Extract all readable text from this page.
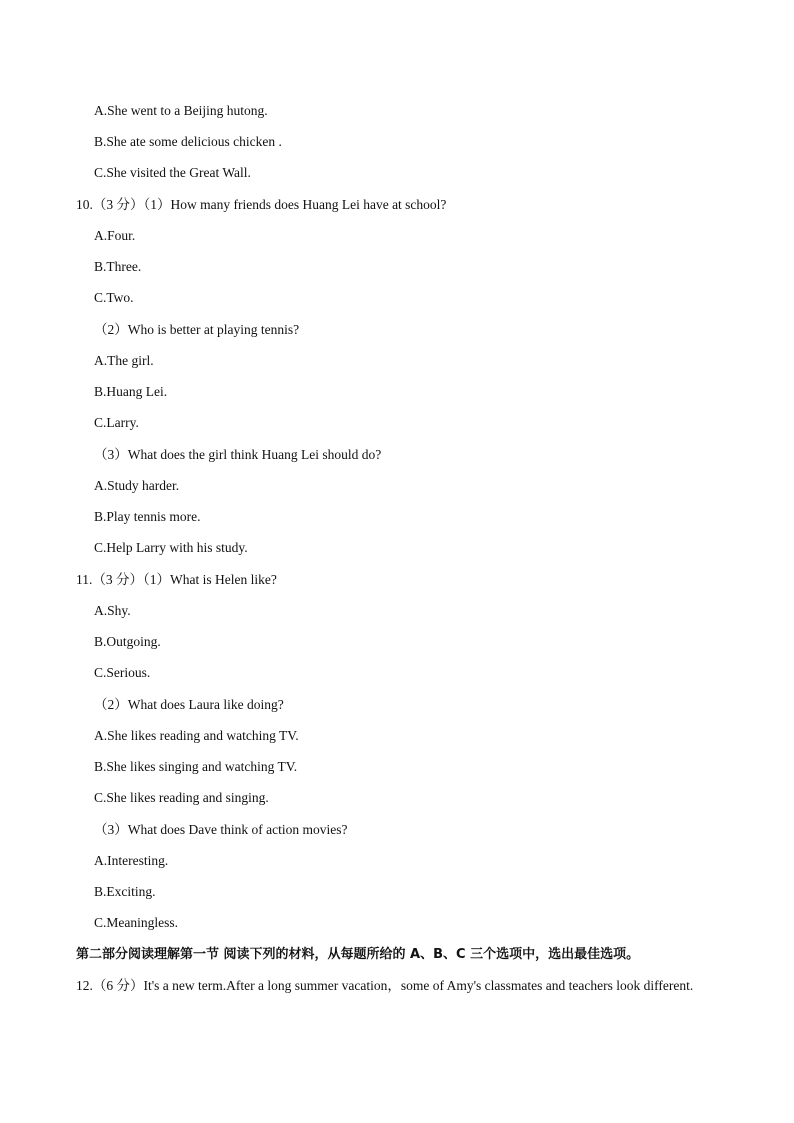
A.She went to a Beijing hutong.
B.She ate some delicious chicken .
C.She visited the Great Wall.
10.（3 分）（1）How many friends does Huang Lei have at school?
A.Four.
B.Three.
C.Two.
（2）Who is better at playing tennis?
A.The girl.
B.Huang Lei.
C.Larry.
（3）What does the girl think Huang Lei should do?
A.Study harder.
B.Play tennis more.
C.Help Larry with his study.
11.（3 分）（1）What is Helen like?
A.Shy.
B.Outgoing.
C.Serious.
（2）What does Laura like doing?
A.She likes reading and watching TV.
B.She likes singing and watching TV.
C.She likes reading and singing.
（3）What does Dave think of action movies?
A.Interesting.
B.Exciting.
C.Meaningless.
第二部分阅读理解第一节 阅读下列的材料，从每题所给的 A、B、C 三个选项中，选出最佳选项。
12.（6 分）It's a new term.After a long summer vacation，some of Amy's classmates and teachers look different.
